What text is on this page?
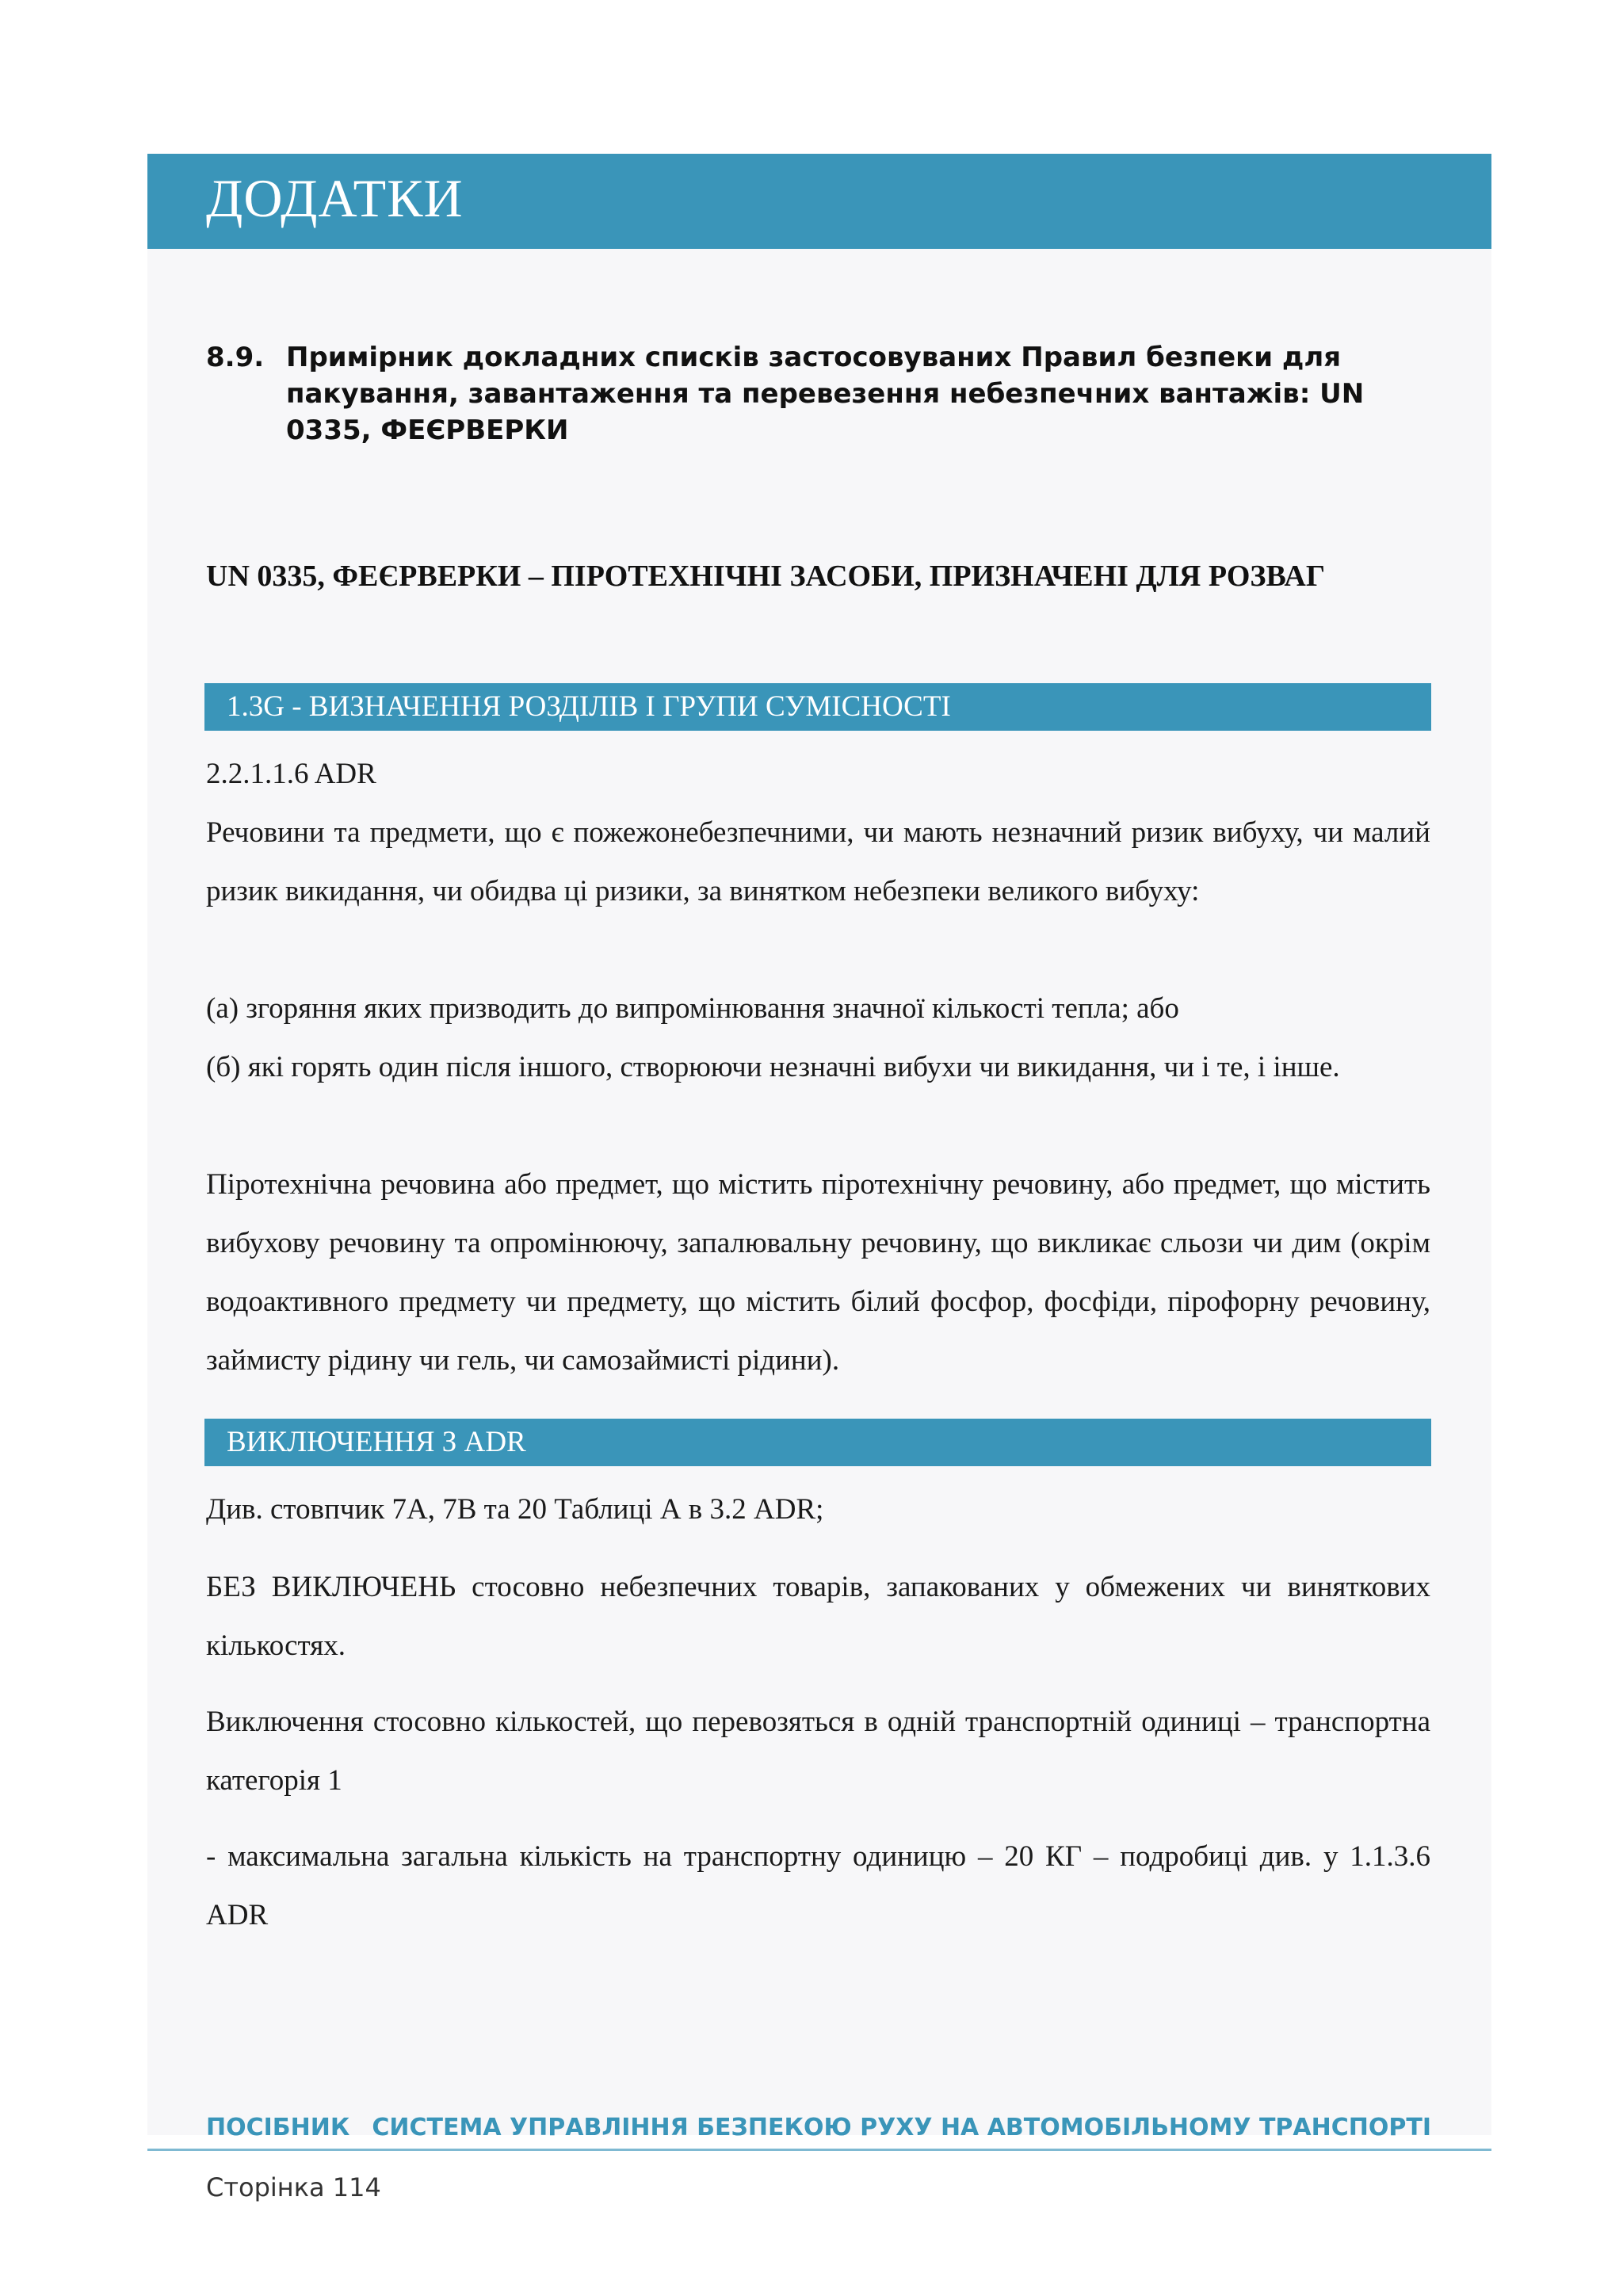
ДОДАТКИ
8.9. Примірник докладних списків застосовуваних Правил безпеки для пакування, завантаження та перевезення небезпечних вантажів: UN 0335, ФЕЄРВЕРКИ
UN 0335, ФЕЄРВЕРКИ – ПІРОТЕХНІЧНІ ЗАСОБИ, ПРИЗНАЧЕНІ ДЛЯ РОЗВАГ
1.3G - ВИЗНАЧЕННЯ РОЗДІЛІВ І ГРУПИ СУМІСНОСТІ
2.2.1.1.6 ADR
Речовини та предмети, що є пожежонебезпечними, чи мають незначний ризик вибуху, чи малий ризик викидання, чи обидва ці ризики, за винятком небезпеки великого вибуху:
(а) згоряння яких призводить до випромінювання значної кількості тепла; або
(б) які горять один після іншого, створюючи незначні вибухи чи викидання, чи і те, і інше.
Піротехнічна речовина або предмет, що містить піротехнічну речовину, або предмет, що містить вибухову речовину та опромінюючу, запалювальну речовину, що викликає сльози чи дим (окрім водоактивного предмету чи предмету, що містить білий фосфор, фосфіди, пірофорну речовину, займисту рідину чи гель, чи самозаймисті рідини).
ВИКЛЮЧЕННЯ З ADR
Див. стовпчик 7А, 7В та 20 Таблиці А в 3.2 ADR;
БЕЗ ВИКЛЮЧЕНЬ стосовно небезпечних товарів, запакованих у обмежених чи виняткових кількостях.
Виключення стосовно кількостей, що перевозяться в одній транспортній одиниці – транспортна категорія 1
- максимальна загальна кількість на транспортну одиницю – 20 КГ – подробиці див. у 1.1.3.6 ADR
ПОСІБНИК СИСТЕМА УПРАВЛІННЯ БЕЗПЕКОЮ РУХУ НА АВТОМОБІЛЬНОМУ ТРАНСПОРТІ
Сторінка 114
